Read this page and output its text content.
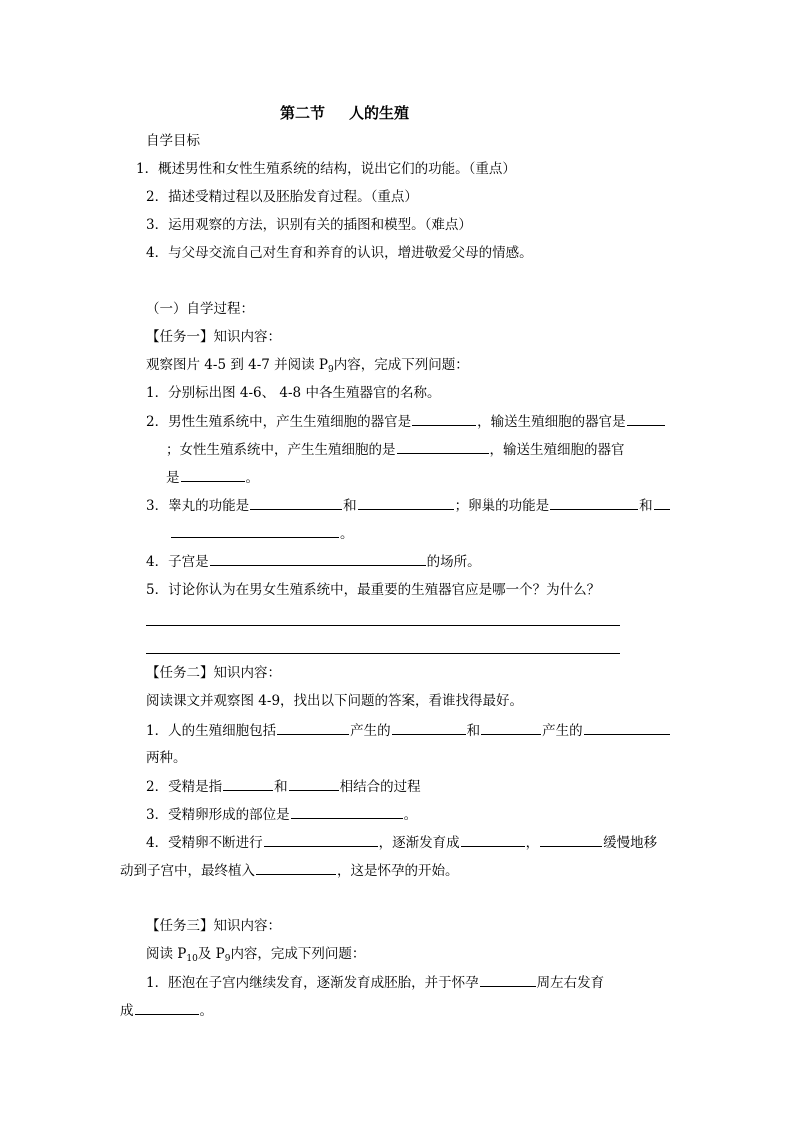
第二节 人的生殖
自学目标
1．概述男性和女性生殖系统的结构，说出它们的功能。（重点）
2．描述受精过程以及胚胎发育过程。（重点）
3．运用观察的方法，识别有关的插图和模型。（难点）
4．与父母交流自己对生育和养育的认识，增进敬爱父母的情感。
（一）自学过程：
【任务一】知识内容：
观察图片 4-5 到 4-7 并阅读 $P_9$内容，完成下列问题：
1．分别标出图 4-6、 4-8 中各生殖器官的名称。
2．男性生殖系统中，产生生殖细胞的器官是	，输送生殖细胞的器官是
；女性生殖系统中，产生生殖细胞的是	，输送生殖细胞的器官
是	。
3．睾丸的功能是	和	；卵巢的功能是	和
。
4．子宫是	的场所。
5．讨论你认为在男女生殖系统中，最重要的生殖器官应是哪一个？为什么？
【任务二】知识内容：
阅读课文并观察图 4-9，找出以下问题的答案，看谁找得最好。
1．人的生殖细胞包括	产生的	和	产生的
两种。
2．受精是指	和	相结合的过程
3．受精卵形成的部位是	。
4．受精卵不断进行	，逐渐发育成	，	缓慢地移
动到子宫中，最终植入	，这是怀孕的开始。
【任务三】知识内容：
阅读 $P_{10}$及 $P_9$内容，完成下列问题：
1．胚泡在子宫内继续发育，逐渐发育成胚胎，并于怀孕	周左右发育
成	。
